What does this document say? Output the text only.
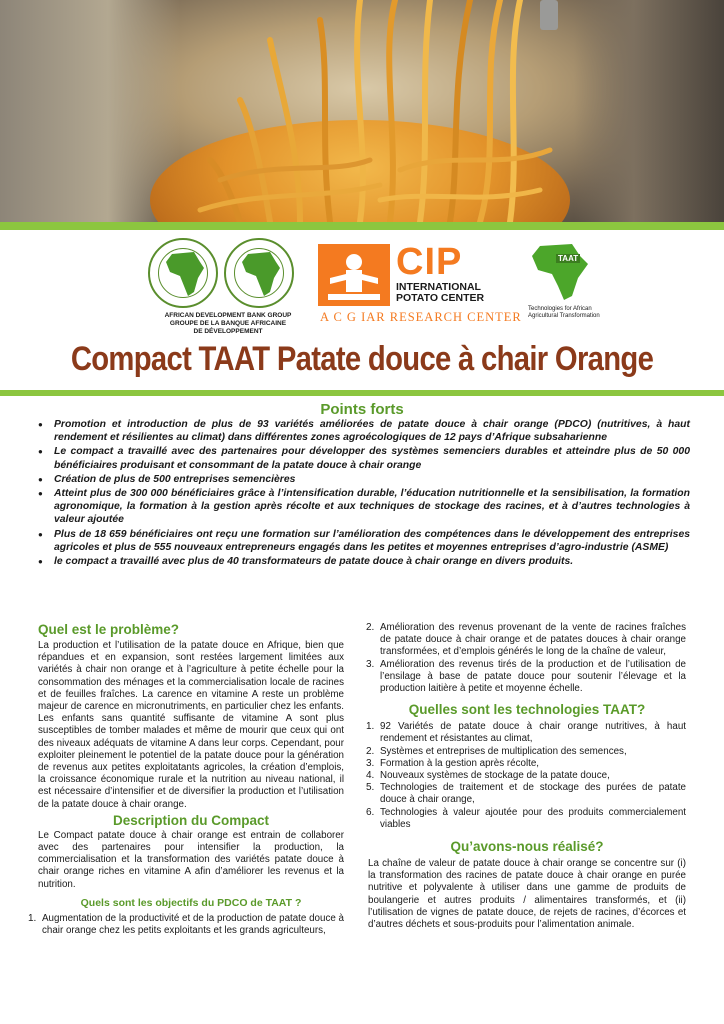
AFRICAN DEVELOPMENT BANK GROUP
GROUPE DE LA BANQUE AFRICAINE
DE DÉVELOPPEMENT
CIP
INTERNATIONAL
POTATO CENTER
A C G IAR RESEARCH CENTER
TAAT
Technologies for African Agricultural Transformation
Compact TAAT Patate douce à chair Orange
Points forts
● Promotion et introduction de plus de 93 variétés améliorées de patate douce à chair orange (PDCO) (nutritives, à haut rendement et résilientes au climat) dans différentes zones agroécologiques de 12 pays d’Afrique subsaharienne
● Le compact a travaillé avec des partenaires pour développer des systèmes semenciers durables et atteindre plus de 50 000 bénéficiaires produisant et consommant de la patate douce à chair orange
● Création de plus de 500 entreprises semencières
● Atteint plus de 300 000 bénéficiaires grâce à l’intensification durable, l’éducation nutritionnelle et la sensibilisation, la formation agronomique, la formation à la gestion après récolte et aux techniques de stockage des racines, et à d’autres technologies à valeur ajoutée
● Plus de 18 659 bénéficiaires ont reçu une formation sur l’amélioration des compétences dans le développement des entreprises agricoles et plus de 555 nouveaux entrepreneurs engagés dans les petites et moyennes entreprises d’agro-industrie (ASME)
● le compact a travaillé avec plus de 40 transformateurs de patate douce à chair orange en divers produits.
Quel est le problème?

La production et l’utilisation de la patate douce en Afrique, bien que répandues et en expansion, sont restées largement limitées aux variétés à chair non orange et à l’agriculture à petite échelle pour la consommation des ménages et la commercialisation locale de racines et de feuilles fraîches. La carence en vitamine A reste un problème majeur de carence en micronutriments, en particulier chez les enfants. Les enfants sans quantité suffisante de vitamine A sont plus susceptibles de tomber malades et même de mourir que ceux qui ont des niveaux adéquats de vitamine A dans leur corps. Cependant, pour exploiter pleinement le potentiel de la patate douce pour la génération de revenus aux petites exploitatants agricoles, la création d’emplois, la croissance économique rurale et la nutrition au niveau national, il est nécessaire d’intensifier et de diversifier la production et l’utilisation de la patate douce à chair orange.

Description du Compact

Le Compact patate douce à chair orange est entrain de collaborer avec des partenaires pour intensifier la production, la commercialisation et la transformation des variétés patate douce à chair orange riches en vitamine A afin d’améliorer les revenus et la nutrition.

Quels sont les objectifs du PDCO de TAAT ?
1. Augmentation de la productivité et de la production de patate douce à chair orange chez les petits exploitants et les grands agriculteurs,
2. Amélioration des revenus provenant de la vente de racines fraîches de patate douce à chair orange et de patates douces à chair orange transformées, et d’emplois générés le long de la chaîne de valeur,
3. Amélioration des revenus tirés de la production et de l’utilisation de l’ensilage à base de patate douce pour soutenir l’élevage et la production laitière à petite et moyenne échelle.
Quelles sont les technologies TAAT?
1. 92 Variétés de patate douce à chair orange nutritives, à haut rendement et résistantes au climat,
2. Systèmes et entreprises de multiplication des semences,
3. Formation à la gestion après récolte,
4. Nouveaux systèmes de stockage de la patate douce,
5. Technologies de traitement et de stockage des purées de patate douce à chair orange,
6. Technologies à valeur ajoutée pour des produits commercialement viables
Qu’avons-nous réalisé?

La chaîne de valeur de patate douce à chair orange se concentre sur (i) la transformation des racines de patate douce à chair orange en purée nutritive et polyvalente à utiliser dans une gamme de produits de boulangerie et autres produits / alimentaires transformés, et (ii) l’utilisation de vignes de patate douce, de rejets de racines, d’écorces et d’autres déchets et sous-produits pour l’alimentation animale.
